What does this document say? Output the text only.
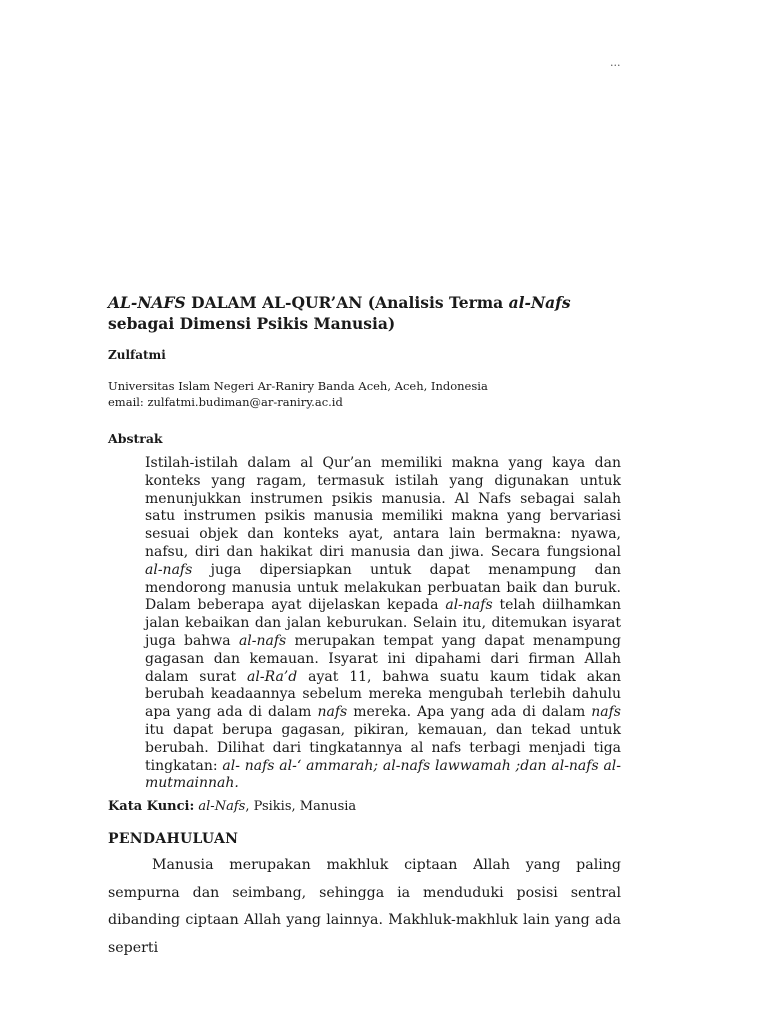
...
AL-NAFS DALAM AL-QUR’AN (Analisis Terma al-Nafs sebagai Dimensi Psikis Manusia)
Zulfatmi
Universitas Islam Negeri Ar-Raniry Banda Aceh, Aceh, Indonesia
email: zulfatmi.budiman@ar-raniry.ac.id
Abstrak

Istilah-istilah dalam al Qur’an memiliki makna yang kaya dan konteks yang ragam, termasuk istilah yang digunakan untuk menunjukkan instrumen psikis manusia. Al Nafs sebagai salah satu instrumen psikis manusia memiliki makna yang bervariasi sesuai objek dan konteks ayat, antara lain bermakna: nyawa, nafsu, diri dan hakikat diri manusia dan jiwa. Secara fungsional al-nafs juga dipersiapkan untuk dapat menampung dan mendorong manusia untuk melakukan perbuatan baik dan buruk. Dalam beberapa ayat dijelaskan kepada al-nafs telah diilhamkan jalan kebaikan dan jalan keburukan. Selain itu, ditemukan isyarat juga bahwa al-nafs merupakan tempat yang dapat menampung gagasan dan kemauan. Isyarat ini dipahami dari firman Allah dalam surat al-Ra’d ayat 11, bahwa suatu kaum tidak akan berubah keadaannya sebelum mereka mengubah terlebih dahulu apa yang ada di dalam nafs mereka. Apa yang ada di dalam nafs itu dapat berupa gagasan, pikiran, kemauan, dan tekad untuk berubah. Dilihat dari tingkatannya al nafs terbagi menjadi tiga tingkatan: al- nafs al-‘ ammarah; al-nafs lawwamah ;dan al-nafs al-mutmainnah.

Kata Kunci: al-Nafs, Psikis, Manusia
PENDAHULUAN

Manusia merupakan makhluk ciptaan Allah yang paling sempurna dan seimbang, sehingga ia menduduki posisi sentral dibanding ciptaan Allah yang lainnya. Makhluk-makhluk lain yang ada seperti
